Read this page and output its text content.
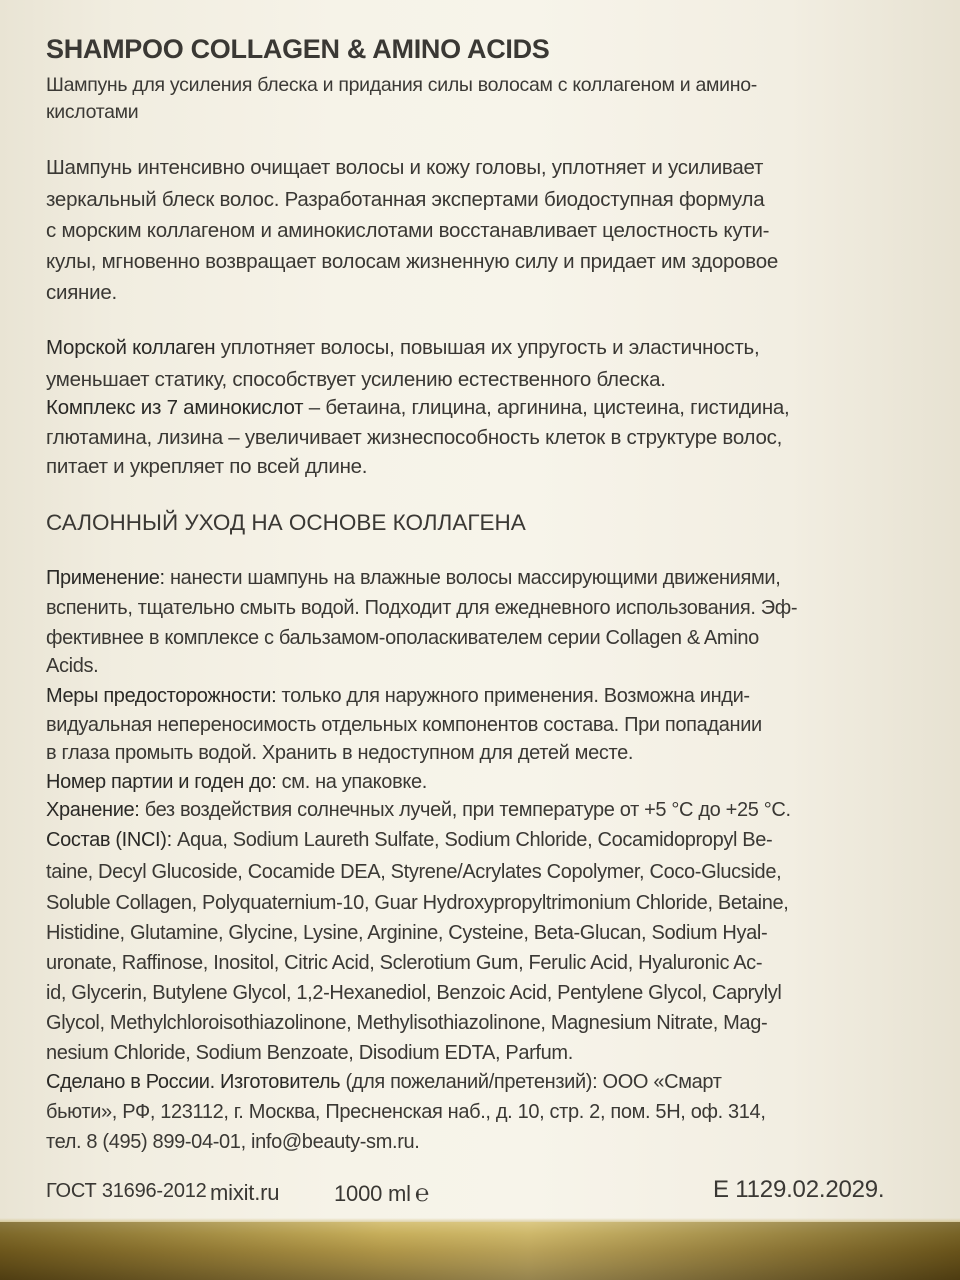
SHAMPOO COLLAGEN & AMINO ACIDS
Шампунь для усиления блеска и придания силы волосам с коллагеном и амино-
кислотами
Шампунь интенсивно очищает волосы и кожу головы, уплотняет и усиливает
зеркальный блеск волос. Разработанная экспертами биодоступная формула
с морским коллагеном и аминокислотами восстанавливает целостность кути-
кулы, мгновенно возвращает волосам жизненную силу и придает им здоровое
сияние.
Морской коллаген уплотняет волосы, повышая их упругость и эластичность,
уменьшает статику, способствует усилению естественного блеска.
Комплекс из 7 аминокислот – бетаина, глицина, аргинина, цистеина, гистидина,
глютамина, лизина – увеличивает жизнеспособность клеток в структуре волос,
питает и укрепляет по всей длине.
САЛОННЫЙ УХОД НА ОСНОВЕ КОЛЛАГЕНА
Применение: нанести шампунь на влажные волосы массирующими движениями,
вспенить, тщательно смыть водой. Подходит для ежедневного использования. Эф-
фективнее в комплексе с бальзамом-ополаскивателем серии Collagen & Amino
Acids.
Меры предосторожности: только для наружного применения. Возможна инди-
видуальная непереносимость отдельных компонентов состава. При попадании
в глаза промыть водой. Хранить в недоступном для детей месте.
Номер партии и годен до: см. на упаковке.
Хранение: без воздействия солнечных лучей, при температуре от +5 °С до +25 °С.
Состав (INCI): Aqua, Sodium Laureth Sulfate, Sodium Chloride, Cocamidopropyl Be-
taine, Decyl Glucoside, Cocamide DEA, Styrene/Acrylates Copolymer, Coco-Glucside,
Soluble Collagen, Polyquaternium-10, Guar Hydroxypropyltrimonium Chloride, Betaine,
Histidine, Glutamine, Glycine, Lysine, Arginine, Cysteine, Beta-Glucan, Sodium Hyal-
uronate, Raffinose, Inositol, Citric Acid, Sclerotium Gum, Ferulic Acid, Hyaluronic Ac-
id, Glycerin, Butylene Glycol, 1,2-Hexanediol, Benzoic Acid, Pentylene Glycol, Caprylyl
Glycol, Methylchloroisothiazolinone, Methylisothiazolinone, Magnesium Nitrate, Mag-
nesium Chloride, Sodium Benzoate, Disodium EDTA, Parfum.
Сделано в России. Изготовитель (для пожеланий/претензий): ООО «Смарт
бьюти», РФ, 123112, г. Москва, Пресненская наб., д. 10, стр. 2, пом. 5Н, оф. 314,
тел. 8 (495) 899-04-01, info@beauty-sm.ru.
ГОСТ 31696-2012 mixit.ru 1000 ml ℮	E 1129.02.2029.
